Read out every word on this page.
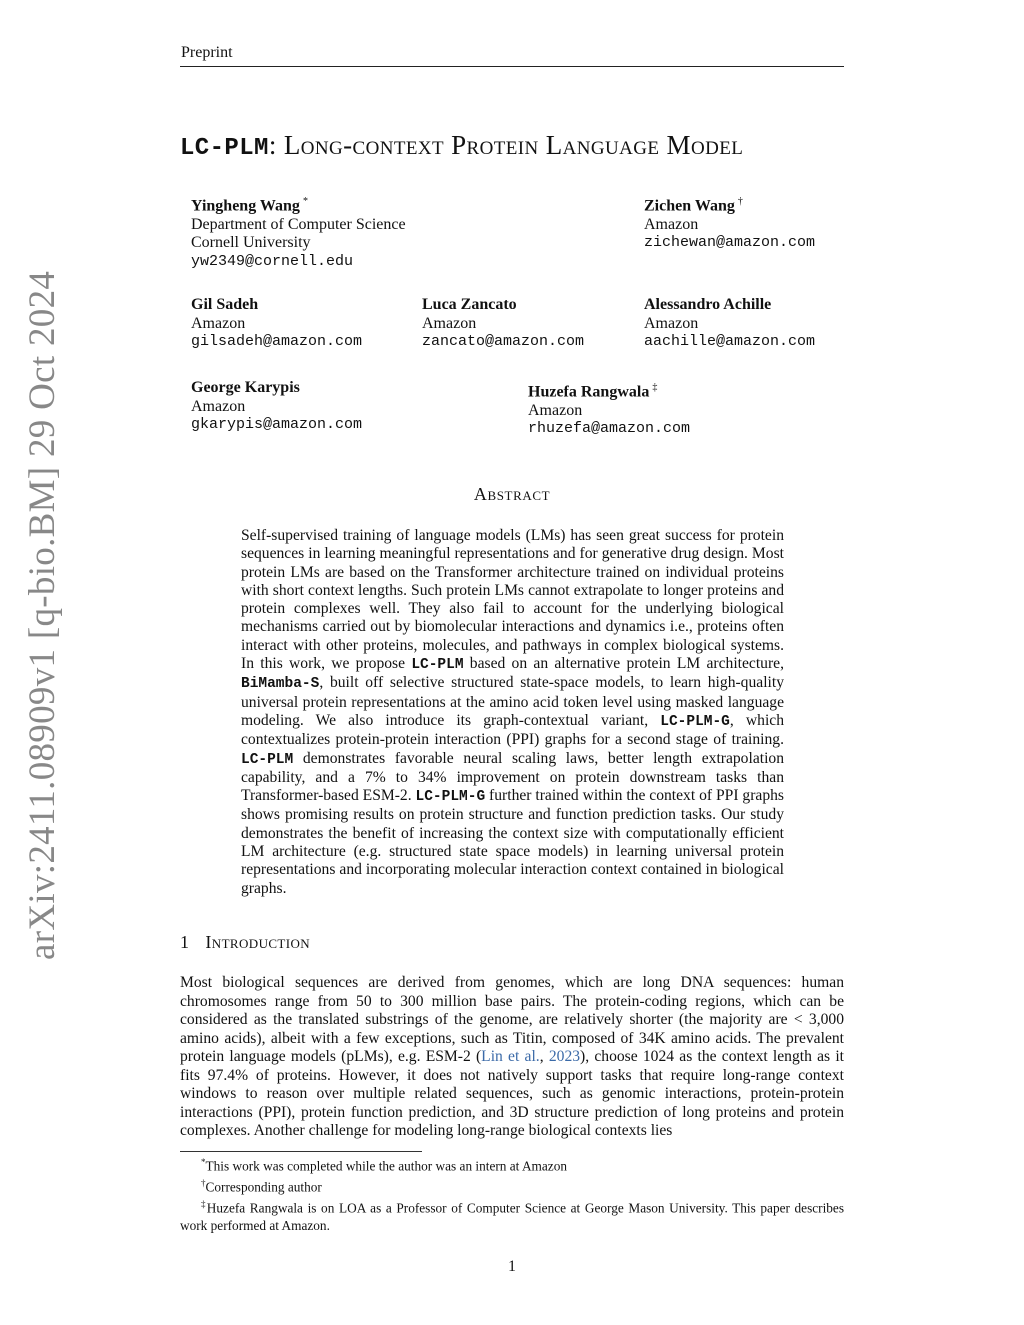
Preprint
arXiv:2411.08909v1 [q-bio.BM] 29 Oct 2024
LC-PLM: Long-context Protein Language Model
Yingheng Wang *
Department of Computer Science
Cornell University
yw2349@cornell.edu
Zichen Wang †
Amazon
zichewan@amazon.com
Gil Sadeh
Amazon
gilsadeh@amazon.com
Luca Zancato
Amazon
zancato@amazon.com
Alessandro Achille
Amazon
aachille@amazon.com
George Karypis
Amazon
gkarypis@amazon.com
Huzefa Rangwala ‡
Amazon
rhuzefa@amazon.com
Abstract
Self-supervised training of language models (LMs) has seen great success for protein sequences in learning meaningful representations and for generative drug design. Most protein LMs are based on the Transformer architecture trained on individual proteins with short context lengths. Such protein LMs cannot extrapolate to longer proteins and protein complexes well. They also fail to account for the underlying biological mechanisms carried out by biomolecular interactions and dynamics i.e., proteins often interact with other proteins, molecules, and pathways in complex biological systems. In this work, we propose LC-PLM based on an alternative protein LM architecture, BiMamba-S, built off selective structured state-space models, to learn high-quality universal protein representations at the amino acid token level using masked language modeling. We also introduce its graph-contextual variant, LC-PLM-G, which contextualizes protein-protein interaction (PPI) graphs for a second stage of training. LC-PLM demonstrates favorable neural scaling laws, better length extrapolation capability, and a 7% to 34% improvement on protein downstream tasks than Transformer-based ESM-2. LC-PLM-G further trained within the context of PPI graphs shows promising results on protein structure and function prediction tasks. Our study demonstrates the benefit of increasing the context size with computationally efficient LM architecture (e.g. structured state space models) in learning universal protein representations and incorporating molecular interaction context contained in biological graphs.
1 Introduction
Most biological sequences are derived from genomes, which are long DNA sequences: human chromosomes range from 50 to 300 million base pairs. The protein-coding regions, which can be considered as the translated substrings of the genome, are relatively shorter (the majority are < 3,000 amino acids), albeit with a few exceptions, such as Titin, composed of 34K amino acids. The prevalent protein language models (pLMs), e.g. ESM-2 (Lin et al., 2023), choose 1024 as the context length as it fits 97.4% of proteins. However, it does not natively support tasks that require long-range context windows to reason over multiple related sequences, such as genomic interactions, protein-protein interactions (PPI), protein function prediction, and 3D structure prediction of long proteins and protein complexes. Another challenge for modeling long-range biological contexts lies
*This work was completed while the author was an intern at Amazon
†Corresponding author
‡Huzefa Rangwala is on LOA as a Professor of Computer Science at George Mason University. This paper describes work performed at Amazon.
1
